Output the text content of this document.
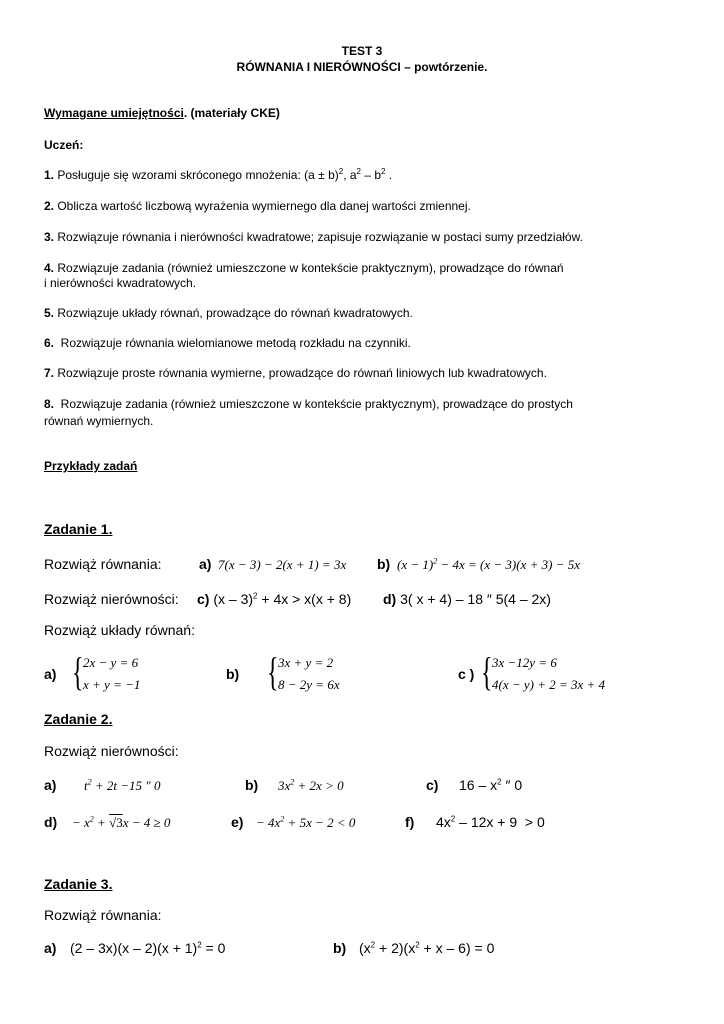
TEST 3
RÓWNANIA I NIERÓWNOŚCI – powtórzenie.
Wymagane umiejętności. (materiały CKE)
Uczeń:
1. Posługuje się wzorami skróconego mnożenia: $(a \pm b)^2$, $a^2 - b^2$ .
2. Oblicza wartość liczbową wyrażenia wymiernego dla danej wartości zmiennej.
3. Rozwiązuje równania i nierówności kwadratowe; zapisuje rozwiązanie w postaci sumy przedziałów.
4. Rozwiązuje zadania (również umieszczone w kontekście praktycznym), prowadzące do równań
i nierówności kwadratowych.
5. Rozwiązuje układy równań, prowadzące do równań kwadratowych.
6.  Rozwiązuje równania wielomianowe metodą rozkładu na czynniki.
7. Rozwiązuje proste równania wymierne, prowadzące do równań liniowych lub kwadratowych.
8.  Rozwiązuje zadania (również umieszczone w kontekście praktycznym), prowadzące do prostych
równań wymiernych.
Przykłady zadań
Zadanie 1.
Rozwiąż równania:	a) 7(x − 3) − 2(x + 1) = 3x b) $(x - 1)^2 - 4x = (x - 3)(x + 3) - 5x$
Rozwiąż nierówności: c) (x – 3)$^2$ + 4x > x(x + 8) d) 3( x + 4) – 18 ″ 5(4 – 2x)
Rozwiąż układy równań:
a) { 2x − y = 6
x + y = −1
b) { 3x + y = 2
8 − 2y = 6x
c ) { 3x −12y = 6
4(x − y) + 2 = 3x + 4
Zadanie 2.
Rozwiąż nierówności:
a) $t^2 + 2t -15$ ″ 0	b) $3x^2 + 2x > 0$	c) $16 - x^2$ ″ 0
$d) - x^2 + √3x - 4 \ge 0$	$e) - 4x^2 + 5x - 2 < 0$	f) $4x^2 - 12x + 9 > 0$
Zadanie 3.
Rozwiąż równania:
a) $(2 - 3x)(x - 2)(x + 1)^2 = 0$	b) $(x^2 + 2)(x^2 + x - 6) = 0$
